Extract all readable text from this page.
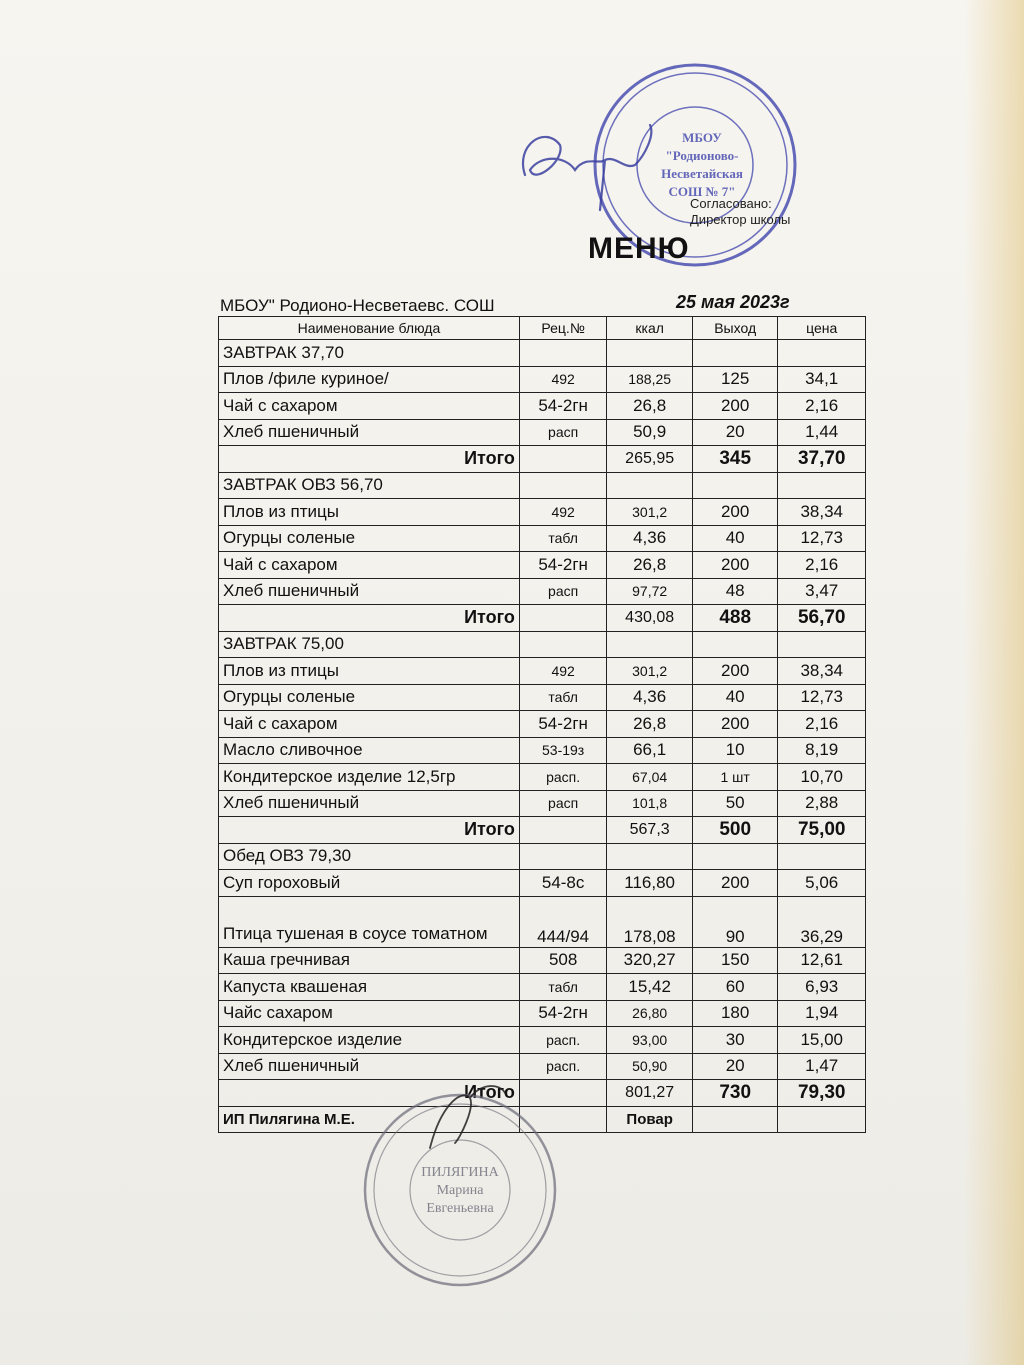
МБОУ
"Родионово-
Несветайская
СОШ № 7"
Согласовано:
Директор школы
МЕНЮ
МБОУ" Родионо-Несветаевс. СОШ	25 мая 2023г
Наименование блюда	Рец.№	ккал	Выход	цена
ЗАВТРАК 37,70				
Плов /филе куриное/	492	188,25	125	34,1
Чай с сахаром	54-2гн	26,8	200	2,16
Хлеб пшеничный	расп	50,9	20	1,44
Итого		265,95	345	37,70
ЗАВТРАК ОВЗ 56,70				
Плов из птицы	492	301,2	200	38,34
Огурцы соленые	табл	4,36	40	12,73
Чай с сахаром	54-2гн	26,8	200	2,16
Хлеб пшеничный	расп	97,72	48	3,47
Итого		430,08	488	56,70
ЗАВТРАК 75,00				
Плов из птицы	492	301,2	200	38,34
Огурцы соленые	табл	4,36	40	12,73
Чай с сахаром	54-2гн	26,8	200	2,16
Масло сливочное	53-19з	66,1	10	8,19
Кондитерское изделие 12,5гр	расп.	67,04	1 шт	10,70
Хлеб пшеничный	расп	101,8	50	2,88
Итого		567,3	500	75,00
Обед ОВЗ 79,30				
Суп гороховый	54-8с	116,80	200	5,06
Птица тушеная в соусе томатном	444/94	178,08	90	36,29
Каша гречнивая	508	320,27	150	12,61
Капуста квашеная	табл	15,42	60	6,93
Чайс сахаром	54-2гн	26,80	180	1,94
Кондитерское изделие	расп.	93,00	30	15,00
Хлеб пшеничный	расп.	50,90	20	1,47
Итого		801,27	730	79,30
ИП Пилягина М.Е.		Повар		
ПИЛЯГИНА
Марина
Евгеньевна
